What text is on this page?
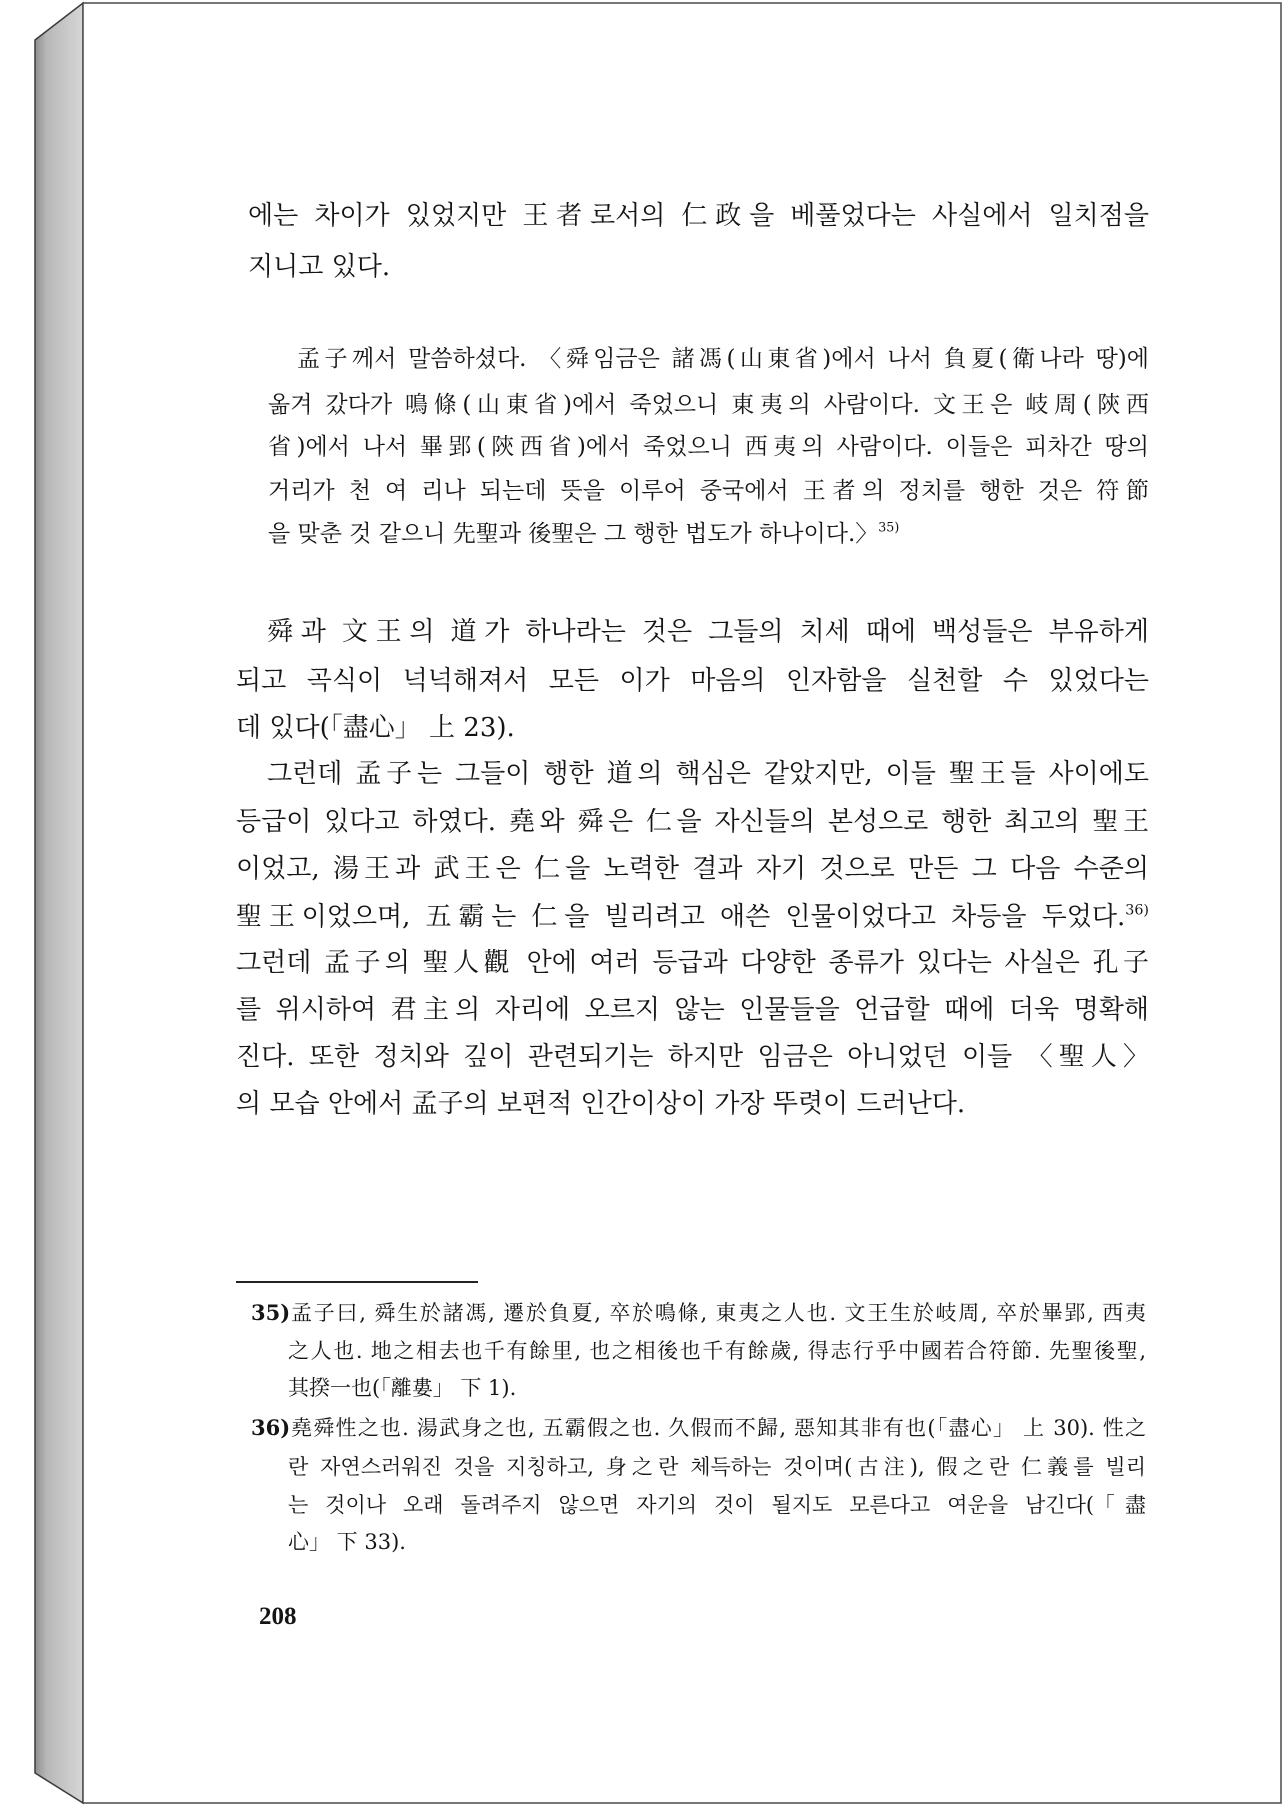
에는 차이가 있었지만 王者로서의 仁政을 베풀었다는 사실에서 일치점을
지니고 있다.
孟子께서 말씀하셨다. 〈舜임금은 諸馮(山東省)에서 나서 負夏(衛나라 땅)에
옮겨 갔다가 鳴條(山東省)에서 죽었으니 東夷의 사람이다. 文王은 岐周(陝西
省)에서 나서 畢郢(陝西省)에서 죽었으니 西夷의 사람이다. 이들은 피차간 땅의
거리가 천 여 리나 되는데 뜻을 이루어 중국에서 王者의 정치를 행한 것은 符節
을 맞춘 것 같으니 先聖과 後聖은 그 행한 법도가 하나이다.〉$^{35)}$
舜과 文王의 道가 하나라는 것은 그들의 치세 때에 백성들은 부유하게
되고 곡식이 넉넉해져서 모든 이가 마음의 인자함을 실천할 수 있었다는
데 있다(「盡心」 上 23).
그런데 孟子는 그들이 행한 道의 핵심은 같았지만, 이들 聖王들 사이에도
등급이 있다고 하였다. 堯와 舜은 仁을 자신들의 본성으로 행한 최고의 聖王
이었고, 湯王과 武王은 仁을 노력한 결과 자기 것으로 만든 그 다음 수준의
聖王이었으며, 五霸는 仁을 빌리려고 애쓴 인물이었다고 차등을 두었다.$^{36)}$
그런데 孟子의 聖人觀 안에 여러 등급과 다양한 종류가 있다는 사실은 孔子
를 위시하여 君主의 자리에 오르지 않는 인물들을 언급할 때에 더욱 명확해
진다. 또한 정치와 깊이 관련되기는 하지만 임금은 아니었던 이들 〈聖人〉
의 모습 안에서 孟子의 보편적 인간이상이 가장 뚜렷이 드러난다.
35) 孟子曰, 舜生於諸馮, 遷於負夏, 卒於鳴條, 東夷之人也. 文王生於岐周, 卒於畢郢, 西夷
之人也. 地之相去也千有餘里, 也之相後也千有餘歲, 得志行乎中國若合符節. 先聖後聖,
其揆一也(「離婁」 下 1).
36) 堯舜性之也. 湯武身之也, 五霸假之也. 久假而不歸, 惡知其非有也(「盡心」 上 30). 性之
란 자연스러워진 것을 지칭하고, 身之란 체득하는 것이며(古注), 假之란 仁義를 빌리
는 것이나 오래 돌려주지 않으면 자기의 것이 될지도 모른다고 여운을 남긴다(「盡
心」 下 33).
208
